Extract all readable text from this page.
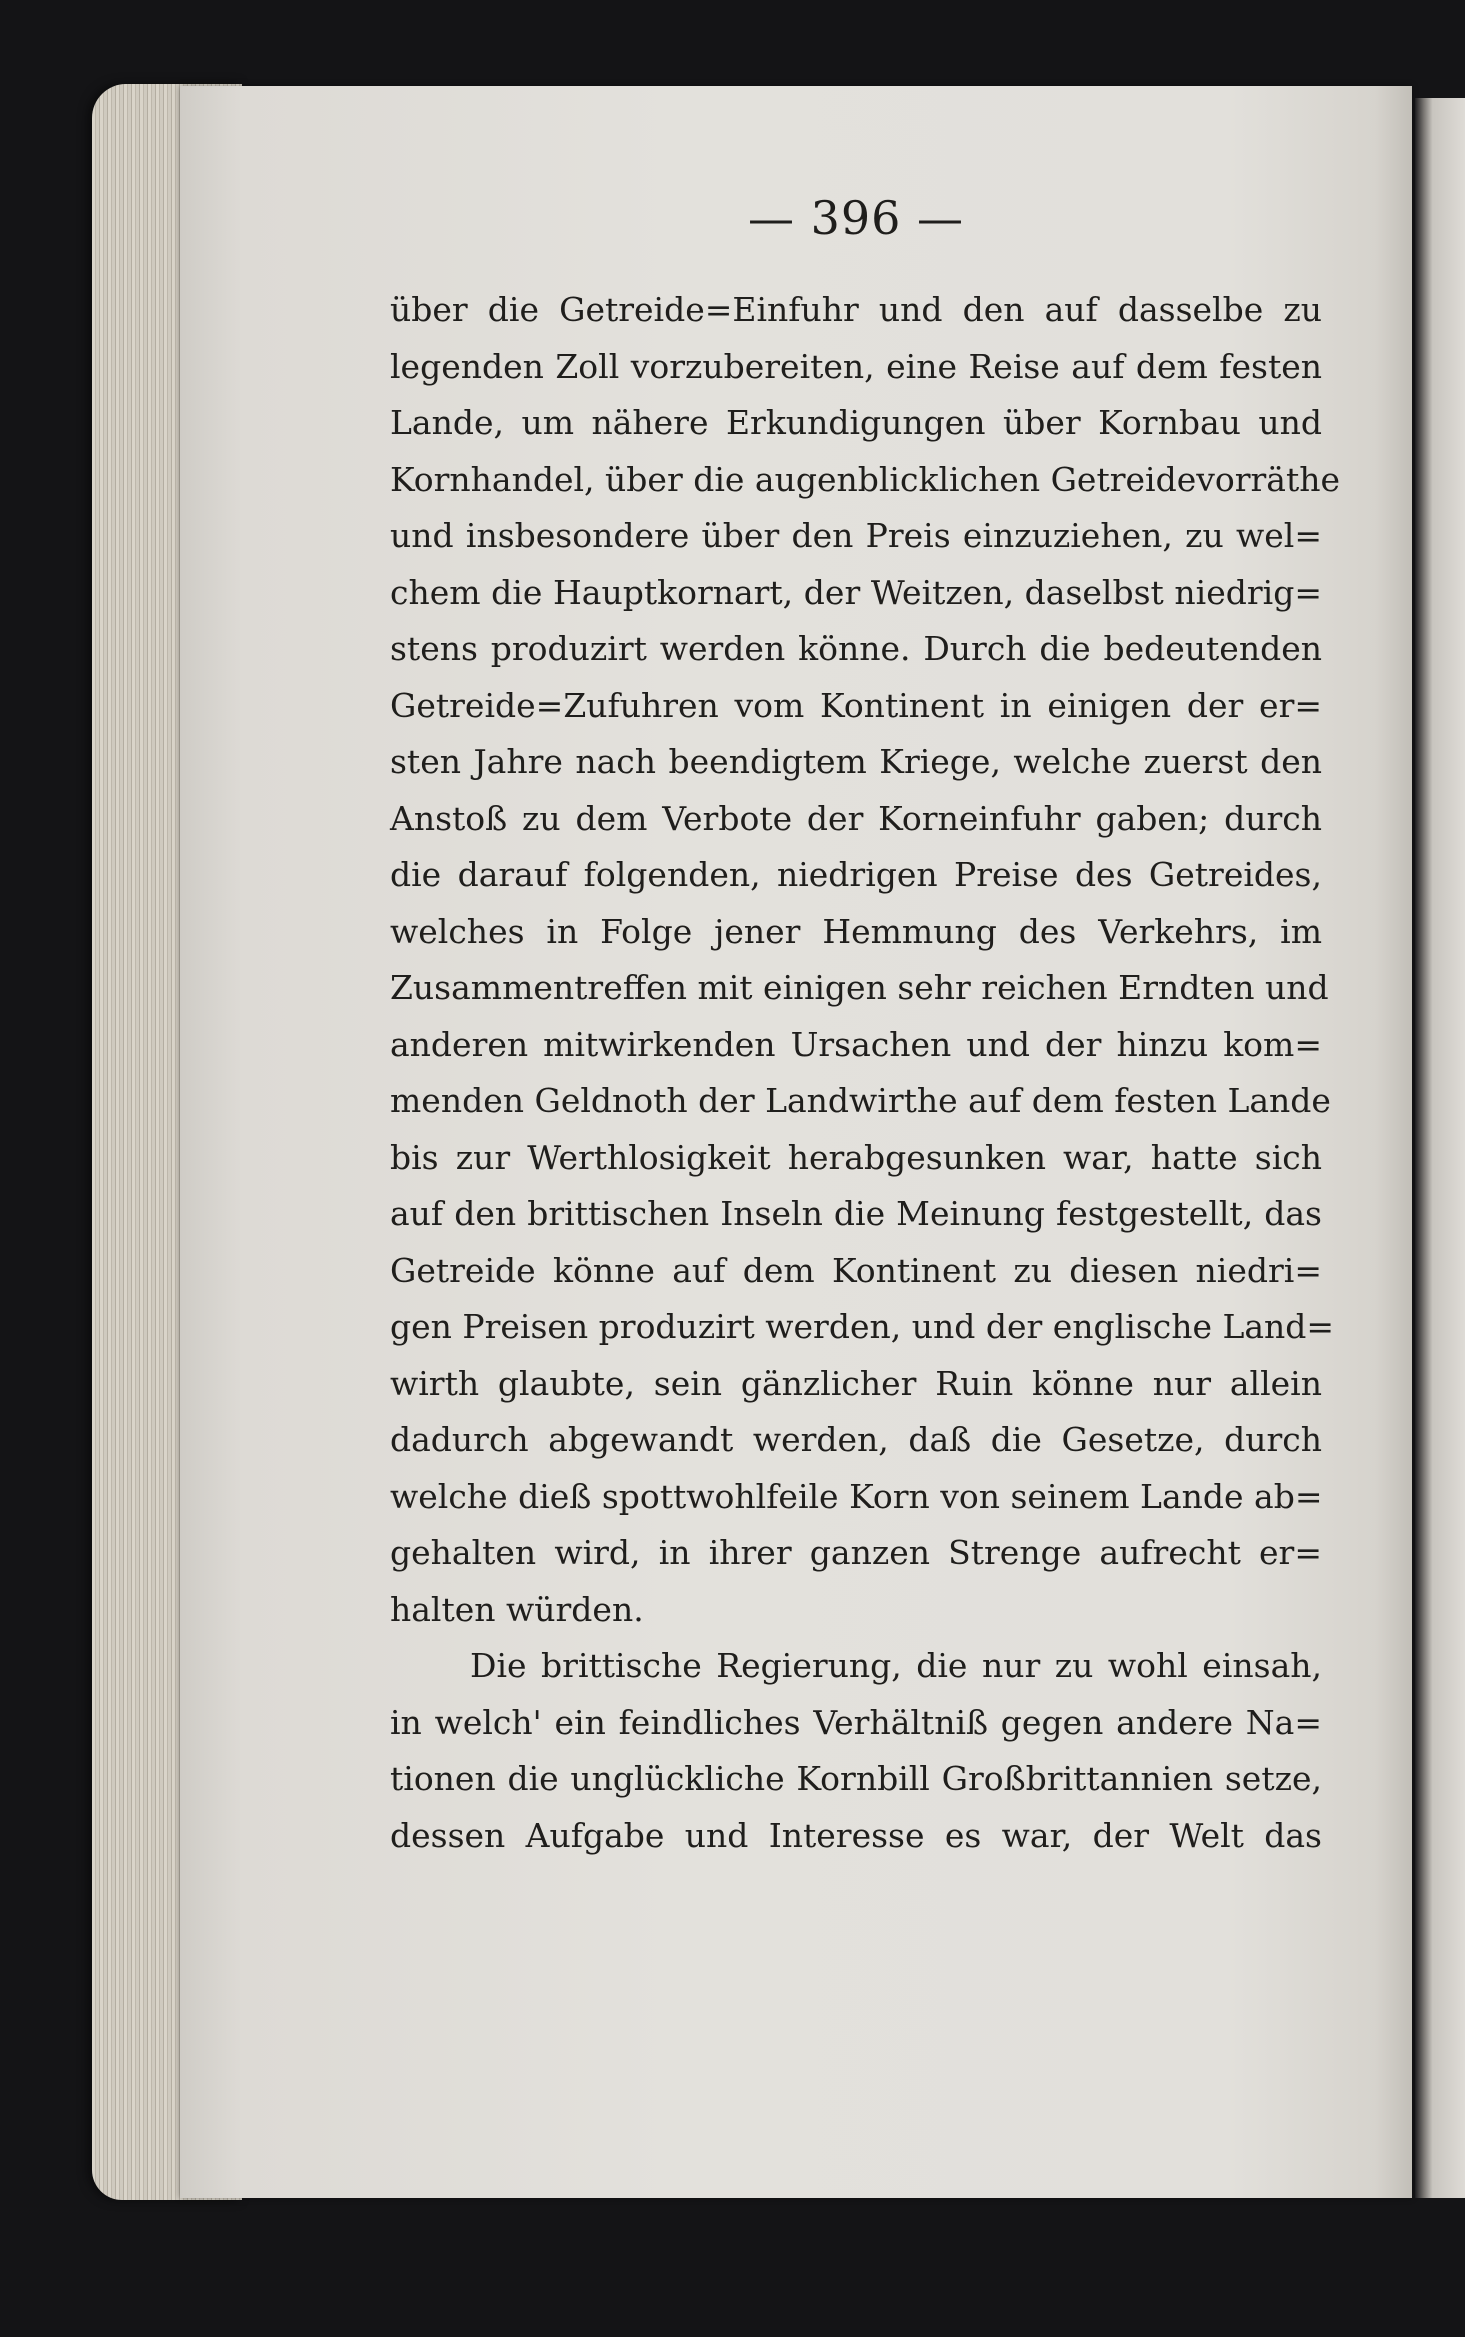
— 396 —
über die Getreide=Einfuhr und den auf dasselbe zu
legenden Zoll vorzubereiten, eine Reise auf dem festen
Lande, um nähere Erkundigungen über Kornbau und
Kornhandel, über die augenblicklichen Getreidevorräthe
und insbesondere über den Preis einzuziehen, zu wel=
chem die Hauptkornart, der Weitzen, daselbst niedrig=
stens produzirt werden könne. Durch die bedeutenden
Getreide=Zufuhren vom Kontinent in einigen der er=
sten Jahre nach beendigtem Kriege, welche zuerst den
Anstoß zu dem Verbote der Korneinfuhr gaben; durch
die darauf folgenden, niedrigen Preise des Getreides,
welches in Folge jener Hemmung des Verkehrs, im
Zusammentreffen mit einigen sehr reichen Erndten und
anderen mitwirkenden Ursachen und der hinzu kom=
menden Geldnoth der Landwirthe auf dem festen Lande
bis zur Werthlosigkeit herabgesunken war, hatte sich
auf den brittischen Inseln die Meinung festgestellt, das
Getreide könne auf dem Kontinent zu diesen niedri=
gen Preisen produzirt werden, und der englische Land=
wirth glaubte, sein gänzlicher Ruin könne nur allein
dadurch abgewandt werden, daß die Gesetze, durch
welche dieß spottwohlfeile Korn von seinem Lande ab=
gehalten wird, in ihrer ganzen Strenge aufrecht er=
halten würden.
Die brittische Regierung, die nur zu wohl einsah,
in welch' ein feindliches Verhältniß gegen andere Na=
tionen die unglückliche Kornbill Großbrittannien setze,
dessen Aufgabe und Interesse es war, der Welt das
